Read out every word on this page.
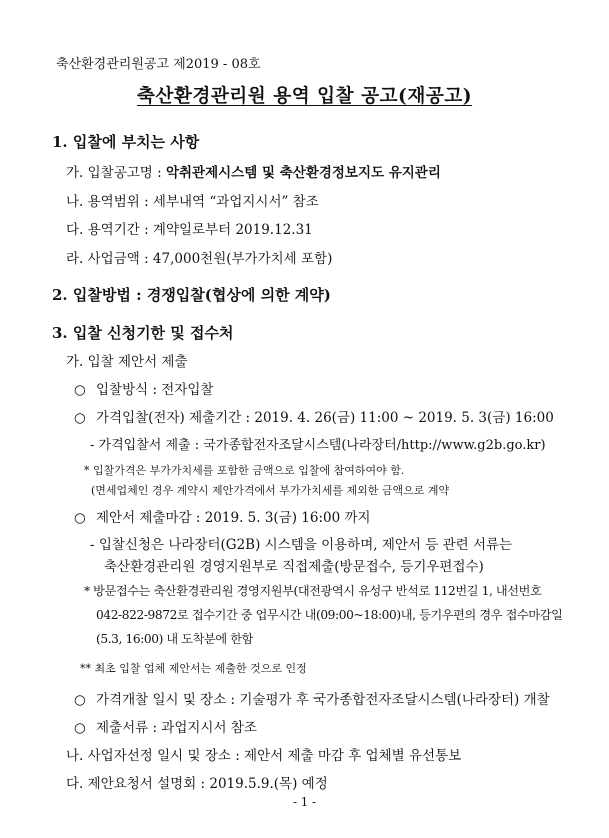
축산환경관리원공고 제2019 - 08호
축산환경관리원 용역 입찰 공고(재공고)
1. 입찰에 부치는 사항
가. 입찰공고명 : 악취관제시스템 및 축산환경정보지도 유지관리
나. 용역범위 : 세부내역 “과업지시서” 참조
다. 용역기간 : 계약일로부터 2019.12.31
라. 사업금액 : 47,000천원(부가가치세 포함)
2. 입찰방법 : 경쟁입찰(협상에 의한 계약)
3. 입찰 신청기한 및 접수처
가. 입찰 제안서 제출
○ 입찰방식 : 전자입찰
○ 가격입찰(전자) 제출기간 : 2019. 4. 26(금) 11:00 ~ 2019. 5. 3(금) 16:00
- 가격입찰서 제출 : 국가종합전자조달시스템(나라장터/http://www.g2b.go.kr)
* 입찰가격은 부가가치세를 포함한 금액으로 입찰에 참여하여야 함.
(면세업체인 경우 계약시 제안가격에서 부가가치세를 제외한 금액으로 계약
○ 제안서 제출마감 : 2019. 5. 3(금) 16:00 까지
- 입찰신청은 나라장터(G2B) 시스템을 이용하며, 제안서 등 관련 서류는
축산환경관리원 경영지원부로 직접제출(방문접수, 등기우편접수)
* 방문접수는 축산환경관리원 경영지원부(대전광역시 유성구 반석로 112번길 1, 내선번호
042-822-9872로 접수기간 중 업무시간 내(09:00~18:00)내, 등기우편의 경우 접수마감일
(5.3, 16:00) 내 도착분에 한함
** 최초 입찰 업체 제안서는 제출한 것으로 인정
○ 가격개찰 일시 및 장소 : 기술평가 후 국가종합전자조달시스템(나라장터) 개찰
○ 제출서류 : 과업지시서 참조
나. 사업자선정 일시 및 장소 : 제안서 제출 마감 후 업체별 유선통보
다. 제안요청서 설명회 : 2019.5.9.(목) 예정
- 1 -
